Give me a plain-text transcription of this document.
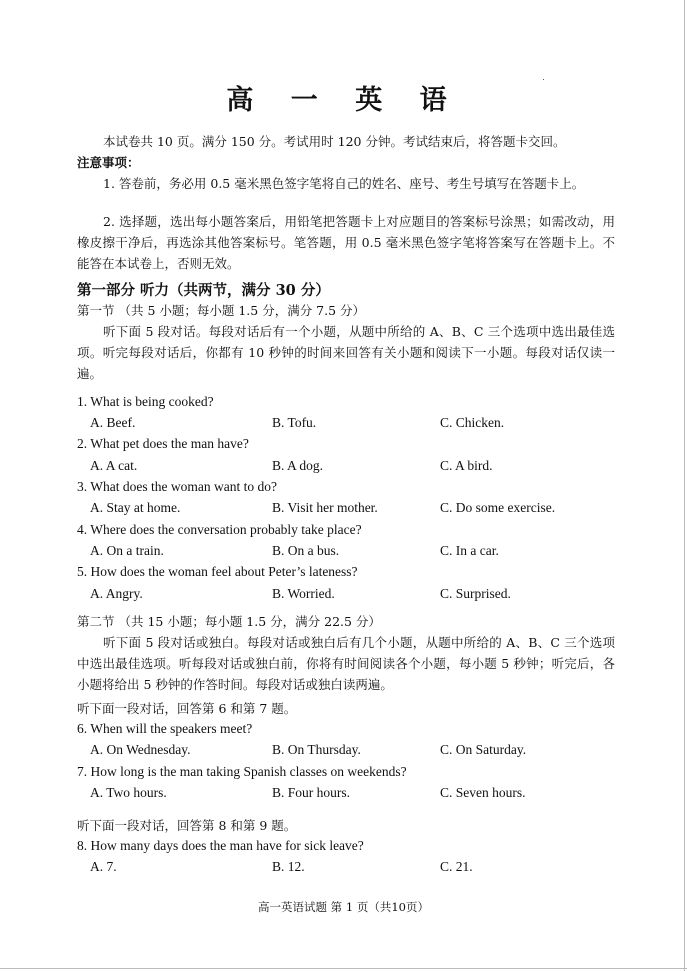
高 一 英 语
本试卷共 10 页。满分 150 分。考试用时 120 分钟。考试结束后，将答题卡交回。
注意事项：
1. 答卷前，务必用 0.5 毫米黑色签字笔将自己的姓名、座号、考生号填写在答题卡上。
2. 选择题，选出每小题答案后，用铅笔把答题卡上对应题目的答案标号涂黑；如需改动，用橡皮擦干净后，再选涂其他答案标号。笔答题，用 0.5 毫米黑色签字笔将答案写在答题卡上。不能答在本试卷上，否则无效。
第一部分 听力（共两节，满分 30 分）
第一节 （共 5 小题；每小题 1.5 分，满分 7.5 分）
听下面 5 段对话。每段对话后有一个小题，从题中所给的 A、B、C 三个选项中选出最佳选项。听完每段对话后，你都有 10 秒钟的时间来回答有关小题和阅读下一小题。每段对话仅读一遍。
1. What is being cooked?
A. Beef.	B. Tofu.	C. Chicken.
2. What pet does the man have?
A. A cat.	B. A dog.	C. A bird.
3. What does the woman want to do?
A. Stay at home.	B. Visit her mother.	C. Do some exercise.
4. Where does the conversation probably take place?
A. On a train.	B. On a bus.	C. In a car.
5. How does the woman feel about Peter’s lateness?
A. Angry.	B. Worried.	C. Surprised.
第二节 （共 15 小题；每小题 1.5 分，满分 22.5 分）
听下面 5 段对话或独白。每段对话或独白后有几个小题，从题中所给的 A、B、C 三个选项中选出最佳选项。听每段对话或独白前，你将有时间阅读各个小题，每小题 5 秒钟；听完后，各小题将给出 5 秒钟的作答时间。每段对话或独白读两遍。
听下面一段对话，回答第 6 和第 7 题。
6. When will the speakers meet?
A. On Wednesday.	B. On Thursday.	C. On Saturday.
7. How long is the man taking Spanish classes on weekends?
A. Two hours.	B. Four hours.	C. Seven hours.
听下面一段对话，回答第 8 和第 9 题。
8. How many days does the man have for sick leave?
A. 7.	B. 12.	C. 21.
高一英语试题 第 1 页（共10页）
